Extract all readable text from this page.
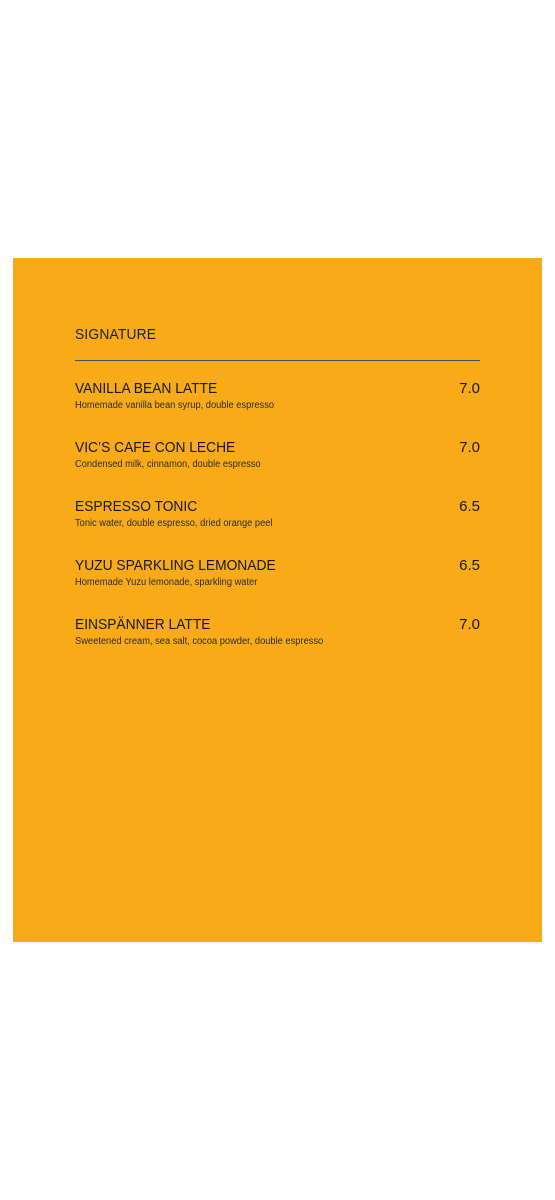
SIGNATURE
VANILLA BEAN LATTE	7.0
Homemade vanilla bean syrup, double espresso
VIC’S CAFE CON LECHE	7.0
Condensed milk, cinnamon, double espresso
ESPRESSO TONIC	6.5
Tonic water, double espresso, dried orange peel
YUZU SPARKLING LEMONADE	6.5
Homemade Yuzu lemonade, sparkling water
EINSPÄNNER LATTE	7.0
Sweetened cream, sea salt, cocoa powder, double espresso
